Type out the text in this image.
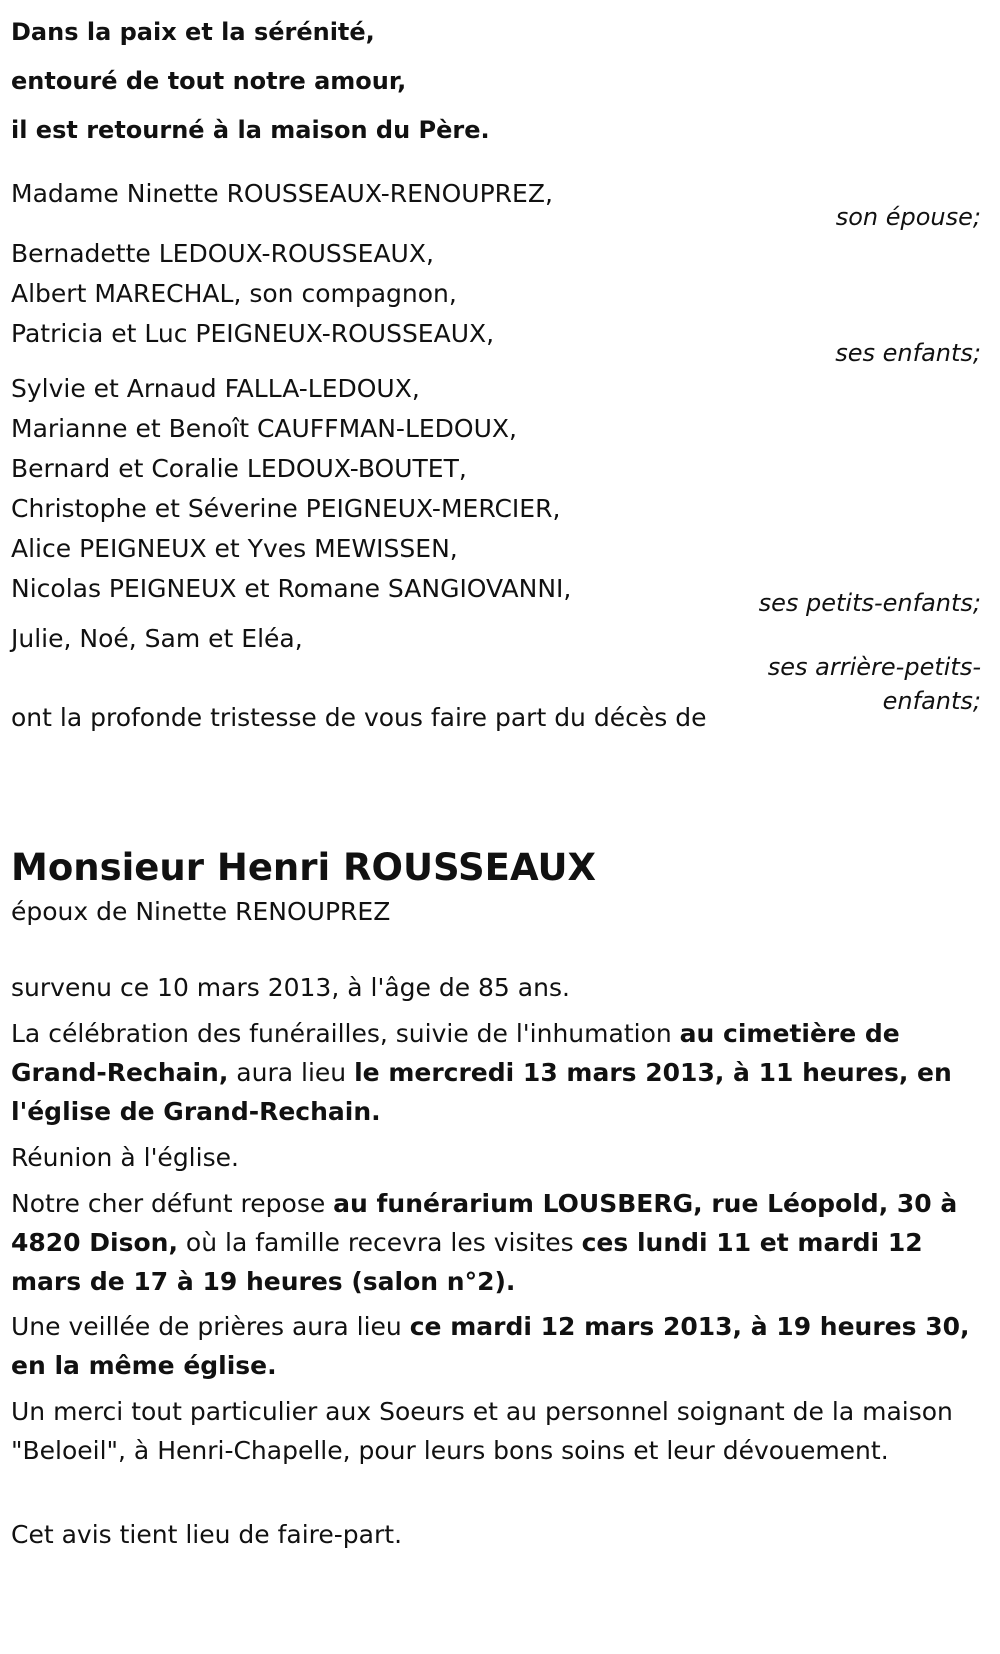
Dans la paix et la sérénité,
entouré de tout notre amour,
il est retourné à la maison du Père.
Madame Ninette ROUSSEAUX-RENOUPREZ,
son épouse;
Bernadette LEDOUX-ROUSSEAUX,
Albert MARECHAL, son compagnon,
Patricia et Luc PEIGNEUX-ROUSSEAUX,
ses enfants;
Sylvie et Arnaud FALLA-LEDOUX,
Marianne et Benoît CAUFFMAN-LEDOUX,
Bernard et Coralie LEDOUX-BOUTET,
Christophe et Séverine PEIGNEUX-MERCIER,
Alice PEIGNEUX et Yves MEWISSEN,
Nicolas PEIGNEUX et Romane SANGIOVANNI,	ses petits-enfants;
Julie, Noé, Sam et Eléa,
ses arrière-petits-
enfants;
ont la profonde tristesse de vous faire part du décès de
Monsieur Henri ROUSSEAUX
époux de Ninette RENOUPREZ
survenu ce 10 mars 2013, à l'âge de 85 ans.
La célébration des funérailles, suivie de l'inhumation au cimetière de Grand-Rechain, aura lieu le mercredi 13 mars 2013, à 11 heures, en l'église de Grand-Rechain.
Réunion à l'église.
Notre cher défunt repose au funérarium LOUSBERG, rue Léopold, 30 à 4820 Dison, où la famille recevra les visites ces lundi 11 et mardi 12 mars de 17 à 19 heures (salon n°2).
Une veillée de prières aura lieu ce mardi 12 mars 2013, à 19 heures 30, en la même église.
Un merci tout particulier aux Soeurs et au personnel soignant de la maison "Beloeil", à Henri-Chapelle, pour leurs bons soins et leur dévouement.
Cet avis tient lieu de faire-part.
